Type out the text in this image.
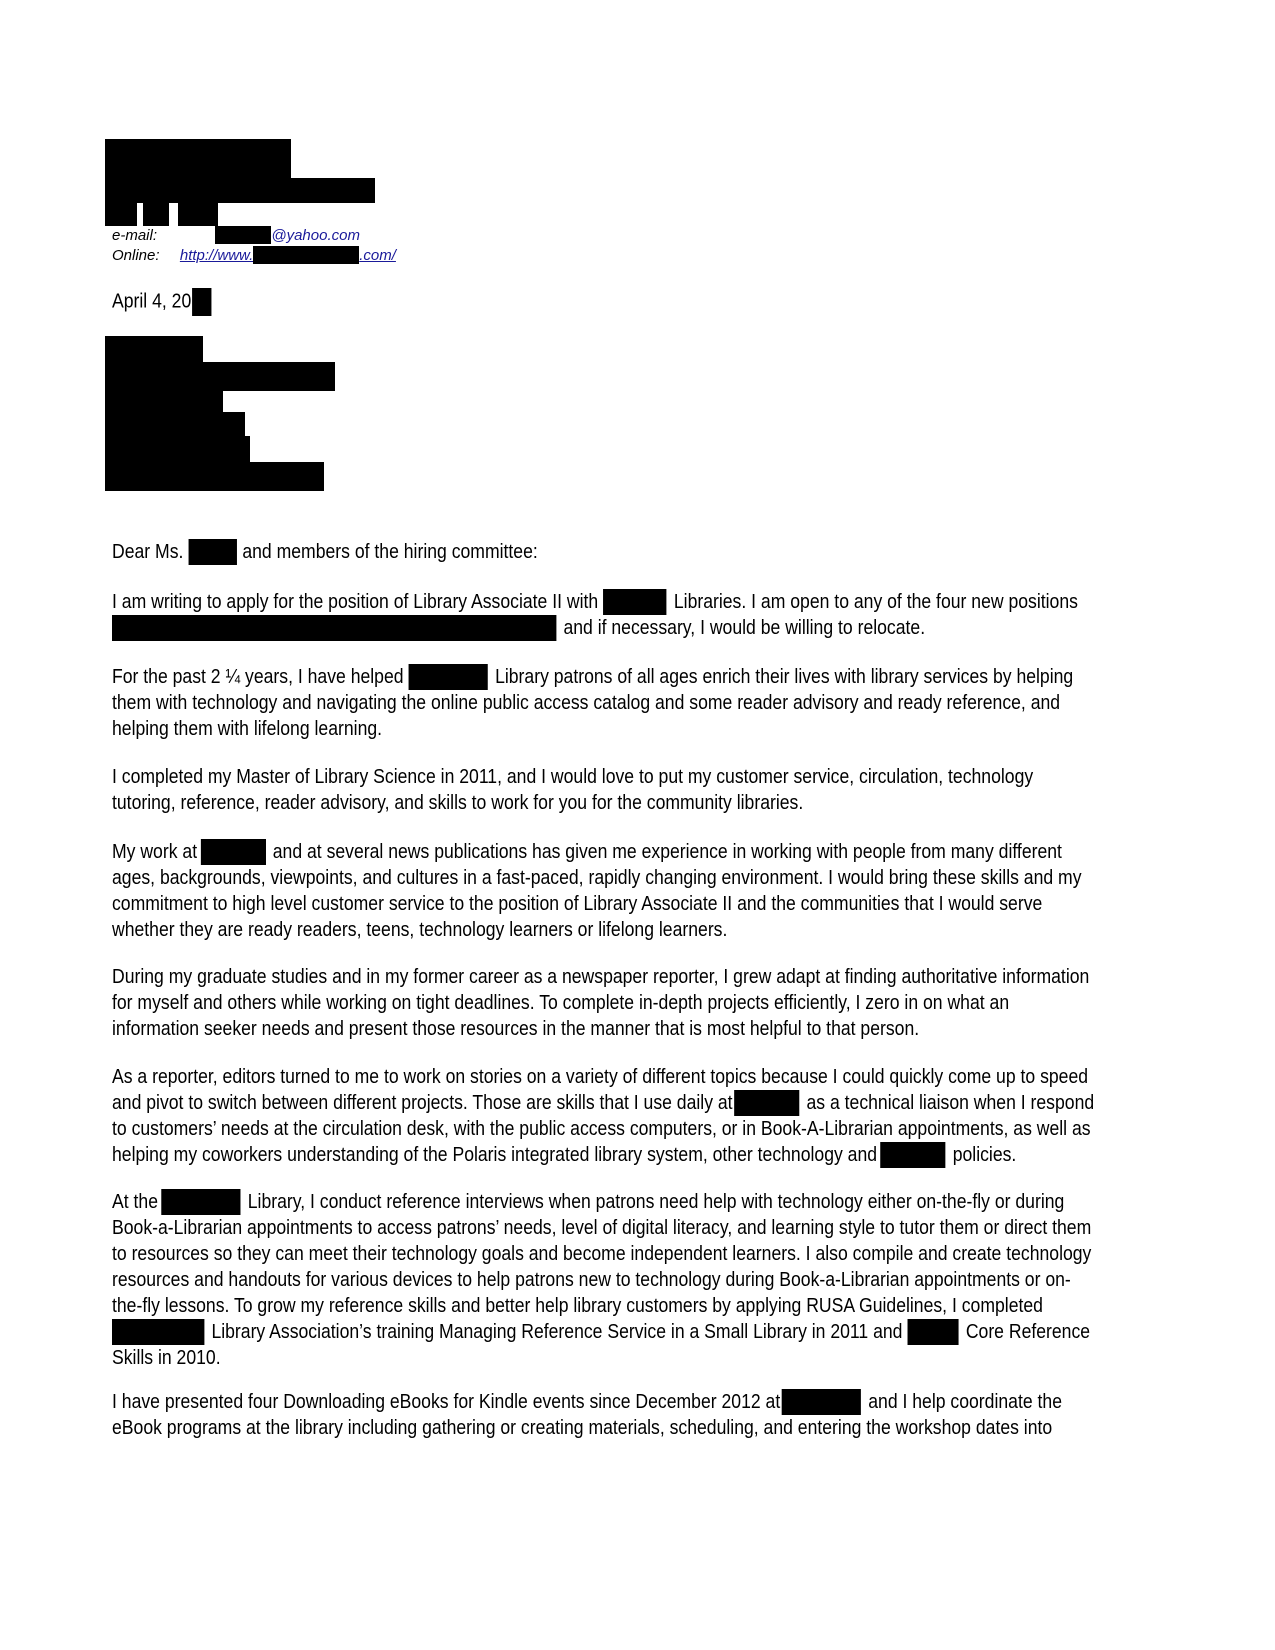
e-mail:	@yahoo.com
Online: http://www.	.com/
April 4, 20
Dear Ms.	and members of the hiring committee:
I am writing to apply for the position of Library Associate II with	Libraries. I am open to any of the four new positions
and if necessary, I would be willing to relocate.
For the past 2 ¼ years, I have helped	Library patrons of all ages enrich their lives with library services by helping
them with technology and navigating the online public access catalog and some reader advisory and ready reference, and
helping them with lifelong learning.
I completed my Master of Library Science in 2011, and I would love to put my customer service, circulation, technology
tutoring, reference, reader advisory, and skills to work for you for the community libraries.
My work at	and at several news publications has given me experience in working with people from many different
ages, backgrounds, viewpoints, and cultures in a fast-paced, rapidly changing environment. I would bring these skills and my
commitment to high level customer service to the position of Library Associate II and the communities that I would serve
whether they are ready readers, teens, technology learners or lifelong learners.
During my graduate studies and in my former career as a newspaper reporter, I grew adapt at finding authoritative information
for myself and others while working on tight deadlines. To complete in-depth projects efficiently, I zero in on what an
information seeker needs and present those resources in the manner that is most helpful to that person.
As a reporter, editors turned to me to work on stories on a variety of different topics because I could quickly come up to speed
and pivot to switch between different projects. Those are skills that I use daily at	as a technical liaison when I respond
to customers’ needs at the circulation desk, with the public access computers, or in Book-A-Librarian appointments, as well as
helping my coworkers understanding of the Polaris integrated library system, other technology and	policies.
At the	Library, I conduct reference interviews when patrons need help with technology either on-the-fly or during
Book-a-Librarian appointments to access patrons’ needs, level of digital literacy, and learning style to tutor them or direct them
to resources so they can meet their technology goals and become independent learners. I also compile and create technology
resources and handouts for various devices to help patrons new to technology during Book-a-Librarian appointments or on-
the-fly lessons. To grow my reference skills and better help library customers by applying RUSA Guidelines, I completed
Library Association’s training Managing Reference Service in a Small Library in 2011 and	Core Reference
Skills in 2010.
I have presented four Downloading eBooks for Kindle events since December 2012 at	and I help coordinate the
eBook programs at the library including gathering or creating materials, scheduling, and entering the workshop dates into
